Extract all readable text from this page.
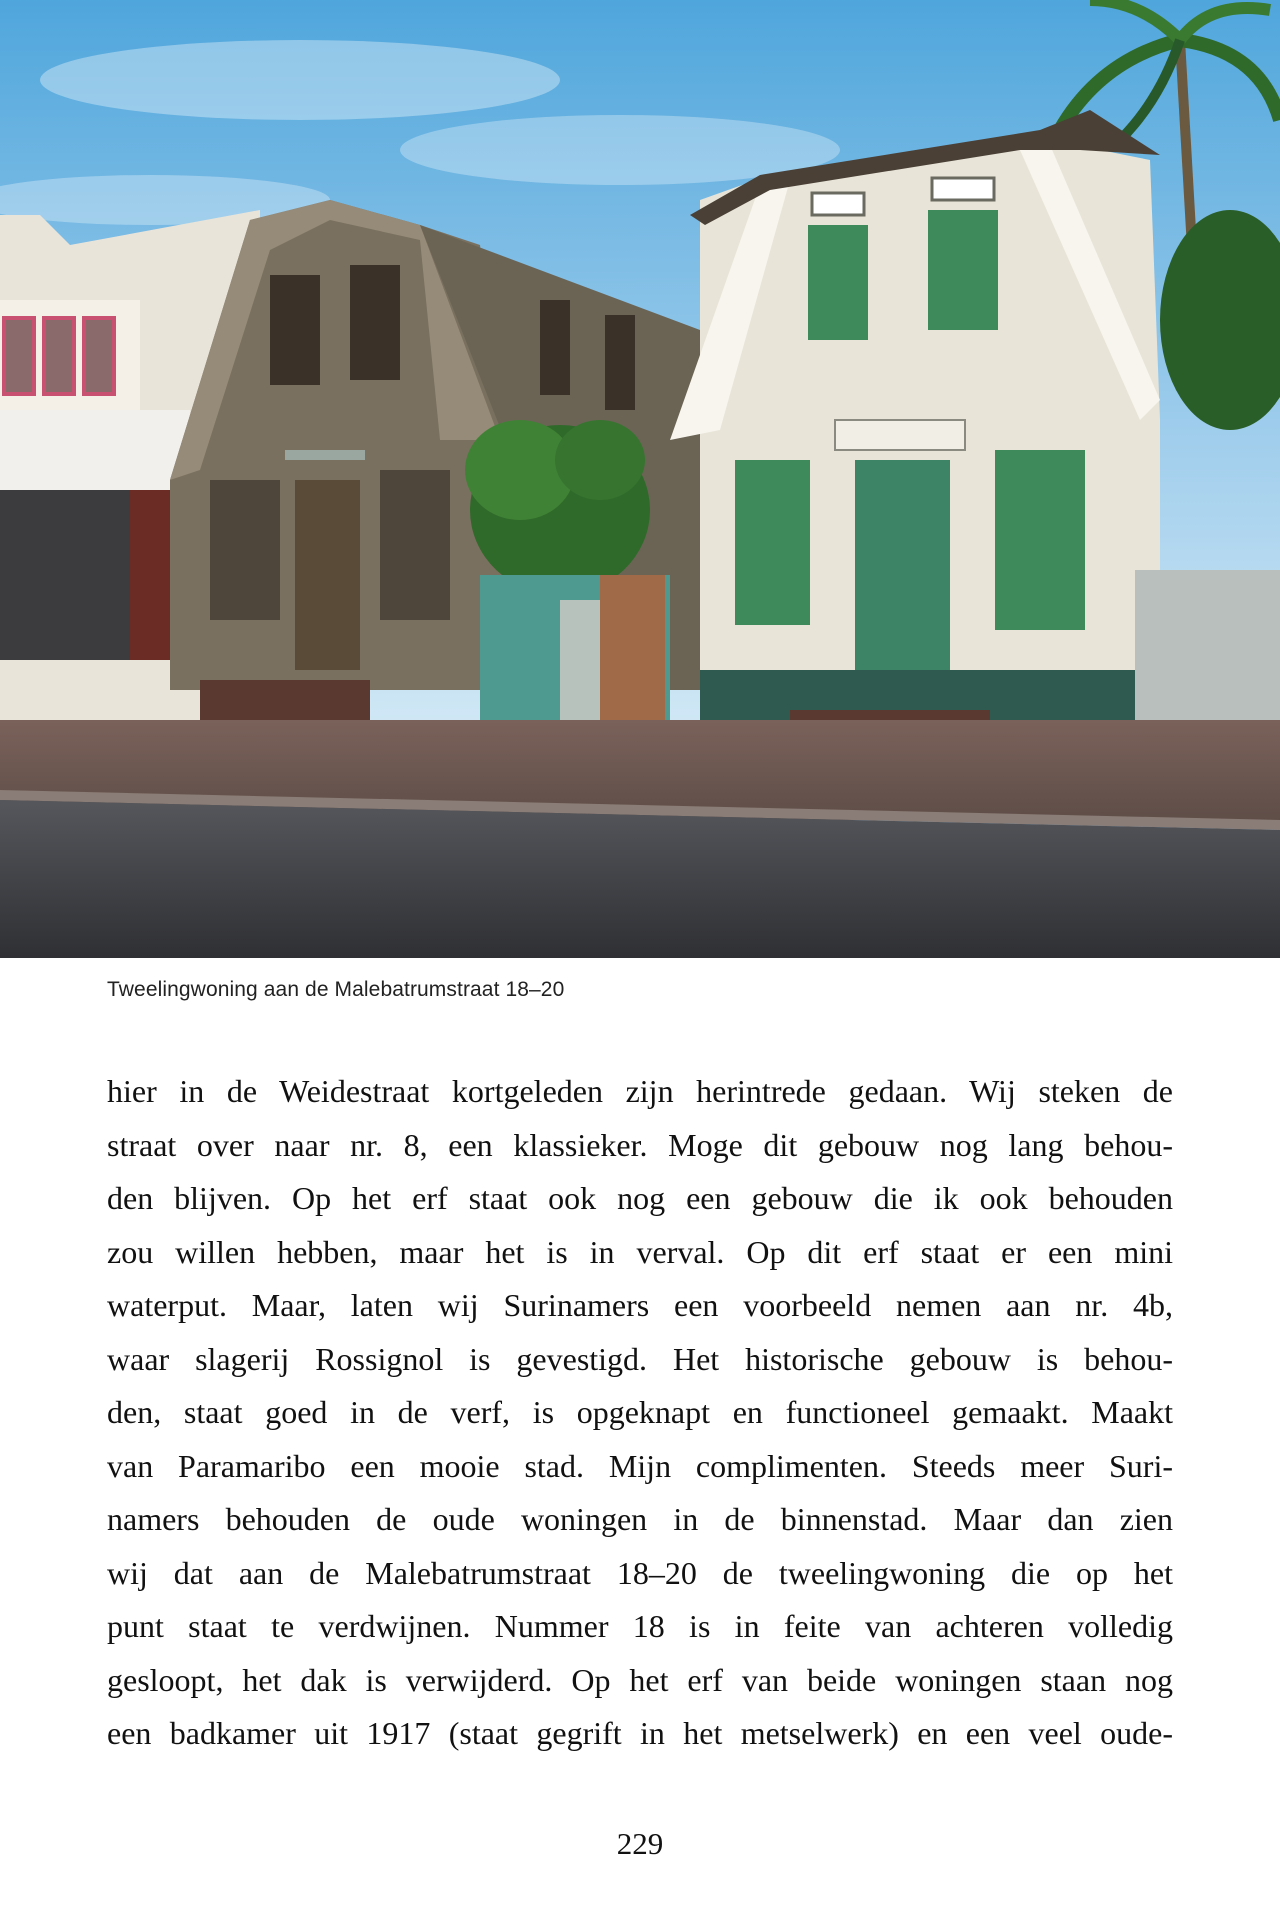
Tweelingwoning aan de Malebatrumstraat 18–20
hier in de Weidestraat kortgeleden zijn herintrede gedaan. Wij steken de
straat over naar nr. 8, een klassieker. Moge dit gebouw nog lang behou-
den blijven. Op het erf staat ook nog een gebouw die ik ook behouden
zou willen hebben, maar het is in verval. Op dit erf staat er een mini
waterput. Maar, laten wij Surinamers een voorbeeld nemen aan nr. 4b,
waar slagerij Rossignol is gevestigd. Het historische gebouw is behou-
den, staat goed in de verf, is opgeknapt en functioneel gemaakt. Maakt
van Paramaribo een mooie stad. Mijn complimenten. Steeds meer Suri-
namers behouden de oude woningen in de binnenstad. Maar dan zien
wij dat aan de Malebatrumstraat 18–20 de tweelingwoning die op het
punt staat te verdwijnen. Nummer 18 is in feite van achteren volledig
gesloopt, het dak is verwijderd. Op het erf van beide woningen staan nog
een badkamer uit 1917 (staat gegrift in het metselwerk) en een veel oude-
229
